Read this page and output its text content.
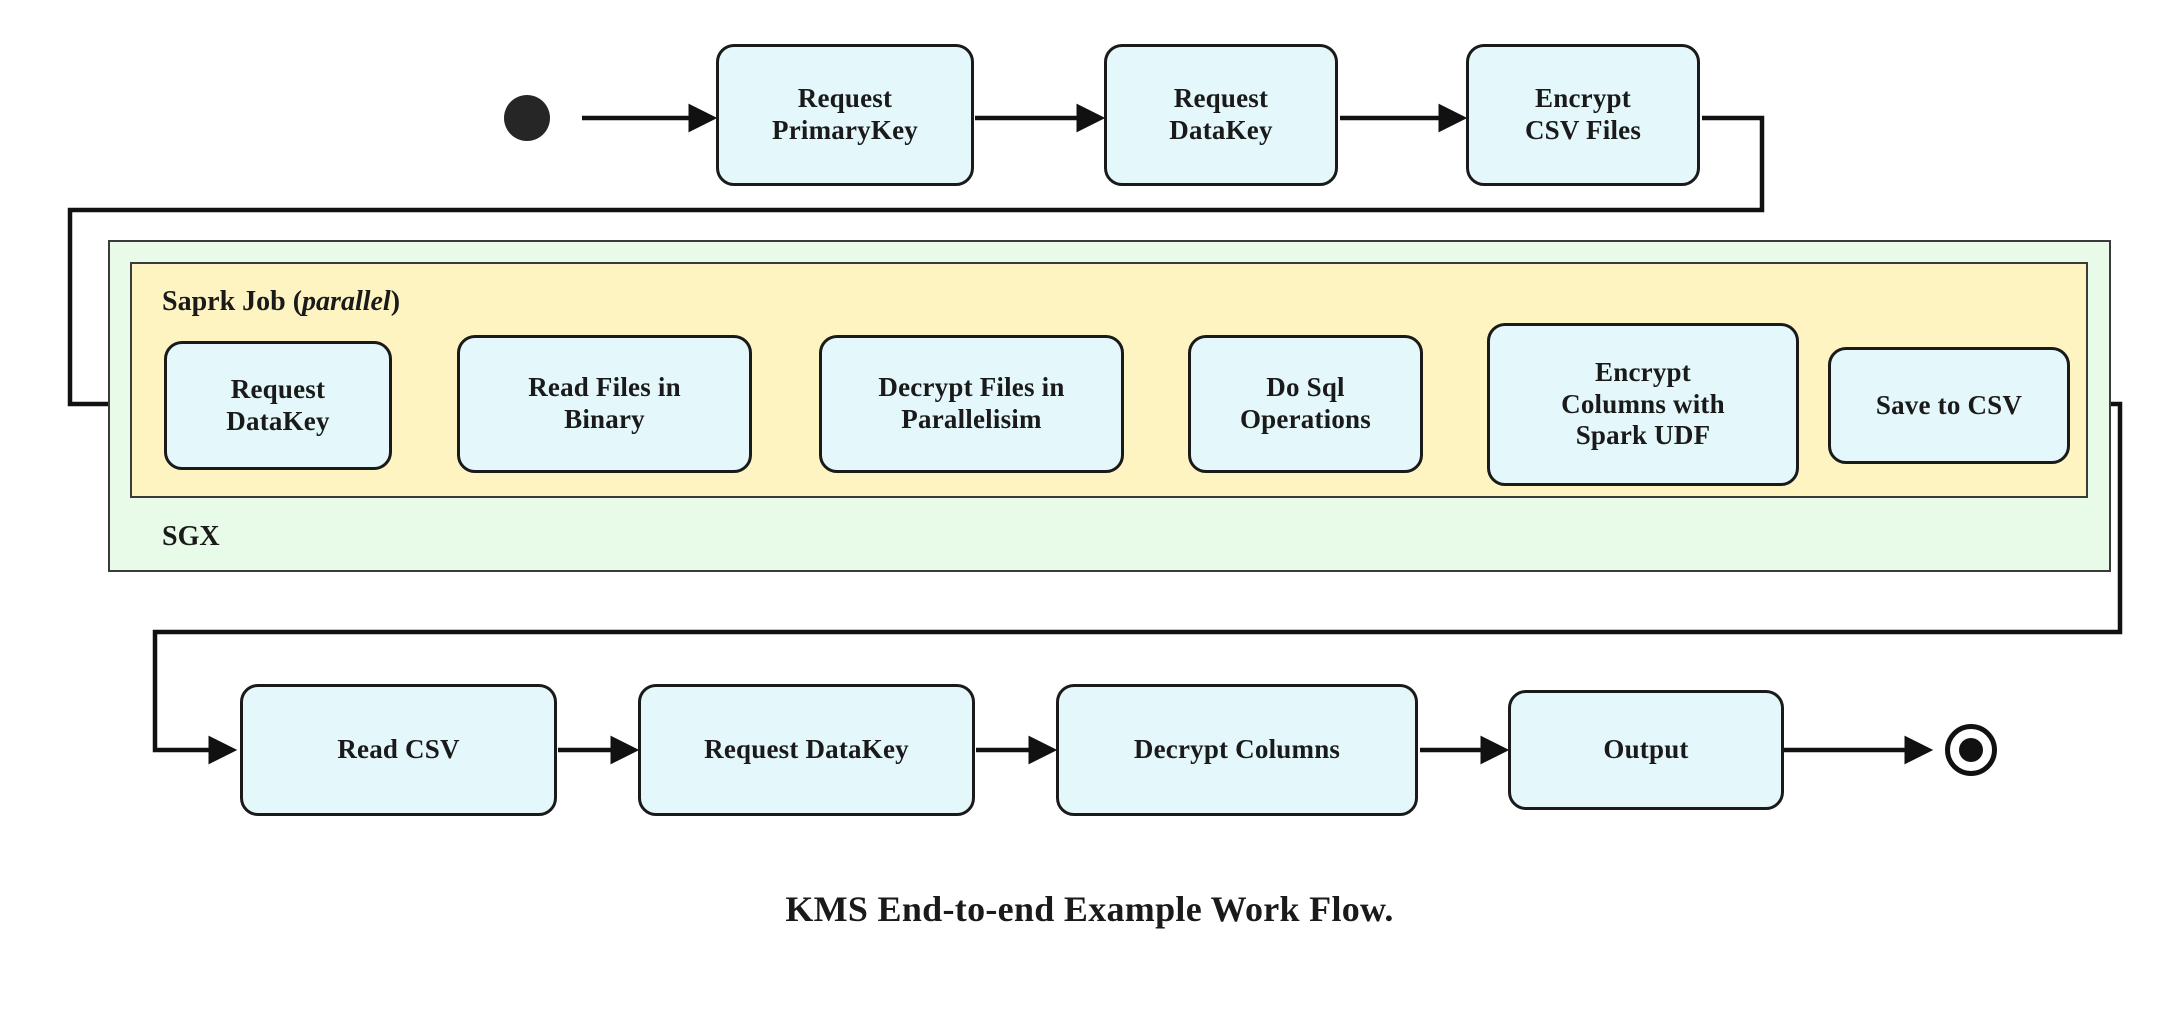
Saprk Job (parallel)
SGX
Request
PrimaryKey
Request
DataKey
Encrypt
CSV Files
Request
DataKey
Read Files in
Binary
Decrypt Files in
Parallelisim
Do Sql
Operations
Encrypt
Columns with
Spark UDF
Save to CSV
Read CSV	Request DataKey	Decrypt Columns	Output
KMS End-to-end Example Work Flow.
